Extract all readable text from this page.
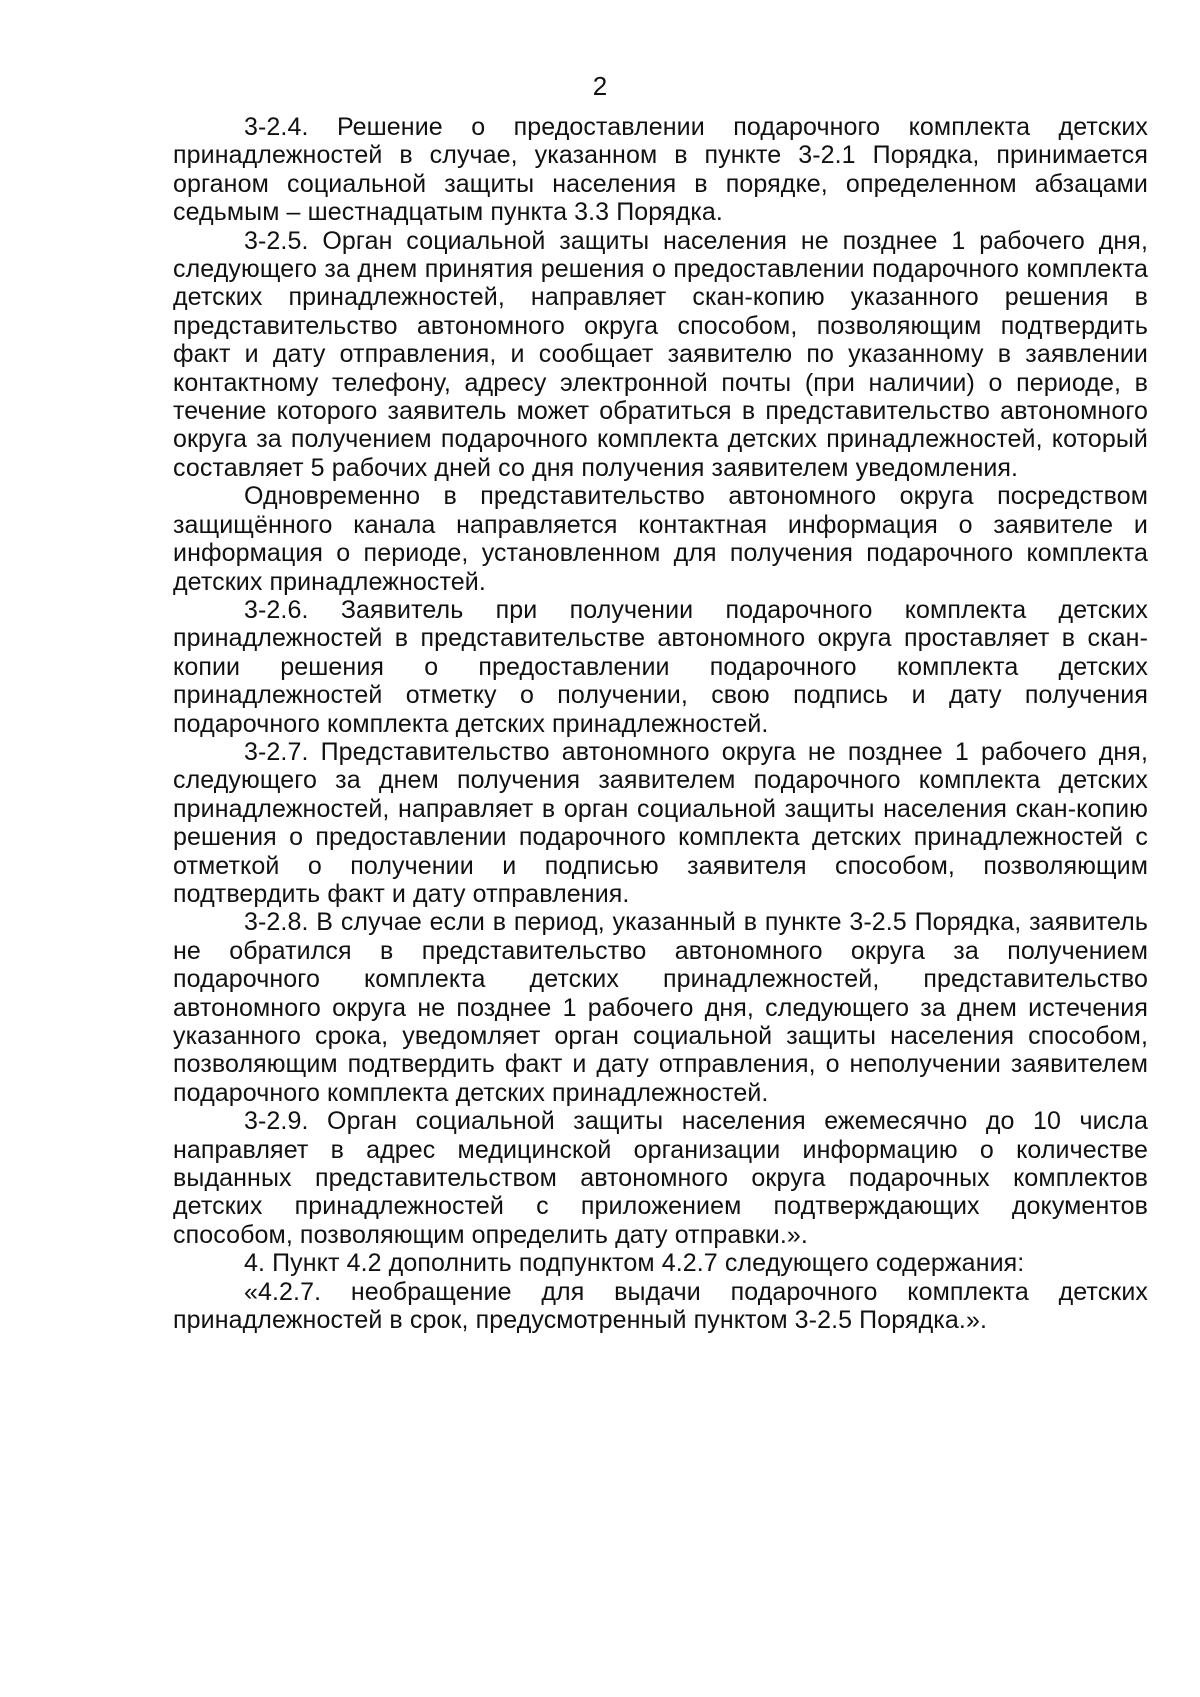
2

3-2.4. Решение о предоставлении подарочного комплекта детских принадлежностей в случае, указанном в пункте 3-2.1 Порядка, принимается органом социальной защиты населения в порядке, определенном абзацами седьмым – шестнадцатым пункта 3.3 Порядка.

3-2.5. Орган социальной защиты населения не позднее 1 рабочего дня, следующего за днем принятия решения о предоставлении подарочного комплекта детских принадлежностей, направляет скан-копию указанного решения в представительство автономного округа способом, позволяющим подтвердить факт и дату отправления, и сообщает заявителю по указанному в заявлении контактному телефону, адресу электронной почты (при наличии) о периоде, в течение которого заявитель может обратиться в представительство автономного округа за получением подарочного комплекта детских принадлежностей, который составляет 5 рабочих дней со дня получения заявителем уведомления.

Одновременно в представительство автономного округа посредством защищённого канала направляется контактная информация о заявителе и информация о периоде, установленном для получения подарочного комплекта детских принадлежностей.

3-2.6. Заявитель при получении подарочного комплекта детских принадлежностей в представительстве автономного округа проставляет в скан-копии решения о предоставлении подарочного комплекта детских принадлежностей отметку о получении, свою подпись и дату получения подарочного комплекта детских принадлежностей.

3-2.7. Представительство автономного округа не позднее 1 рабочего дня, следующего за днем получения заявителем подарочного комплекта детских принадлежностей, направляет в орган социальной защиты населения скан-копию решения о предоставлении подарочного комплекта детских принадлежностей с отметкой о получении и подписью заявителя способом, позволяющим подтвердить факт и дату отправления.

3-2.8. В случае если в период, указанный в пункте 3-2.5 Порядка, заявитель не обратился в представительство автономного округа за получением подарочного комплекта детских принадлежностей, представительство автономного округа не позднее 1 рабочего дня, следующего за днем истечения указанного срока, уведомляет орган социальной защиты населения способом, позволяющим подтвердить факт и дату отправления, о неполучении заявителем подарочного комплекта детских принадлежностей.

3-2.9. Орган социальной защиты населения ежемесячно до 10 числа направляет в адрес медицинской организации информацию о количестве выданных представительством автономного округа подарочных комплектов детских принадлежностей с приложением подтверждающих документов способом, позволяющим определить дату отправки.».

4. Пункт 4.2 дополнить подпунктом 4.2.7 следующего содержания:

«4.2.7. необращение для выдачи подарочного комплекта детских принадлежностей в срок, предусмотренный пунктом 3-2.5 Порядка.».
